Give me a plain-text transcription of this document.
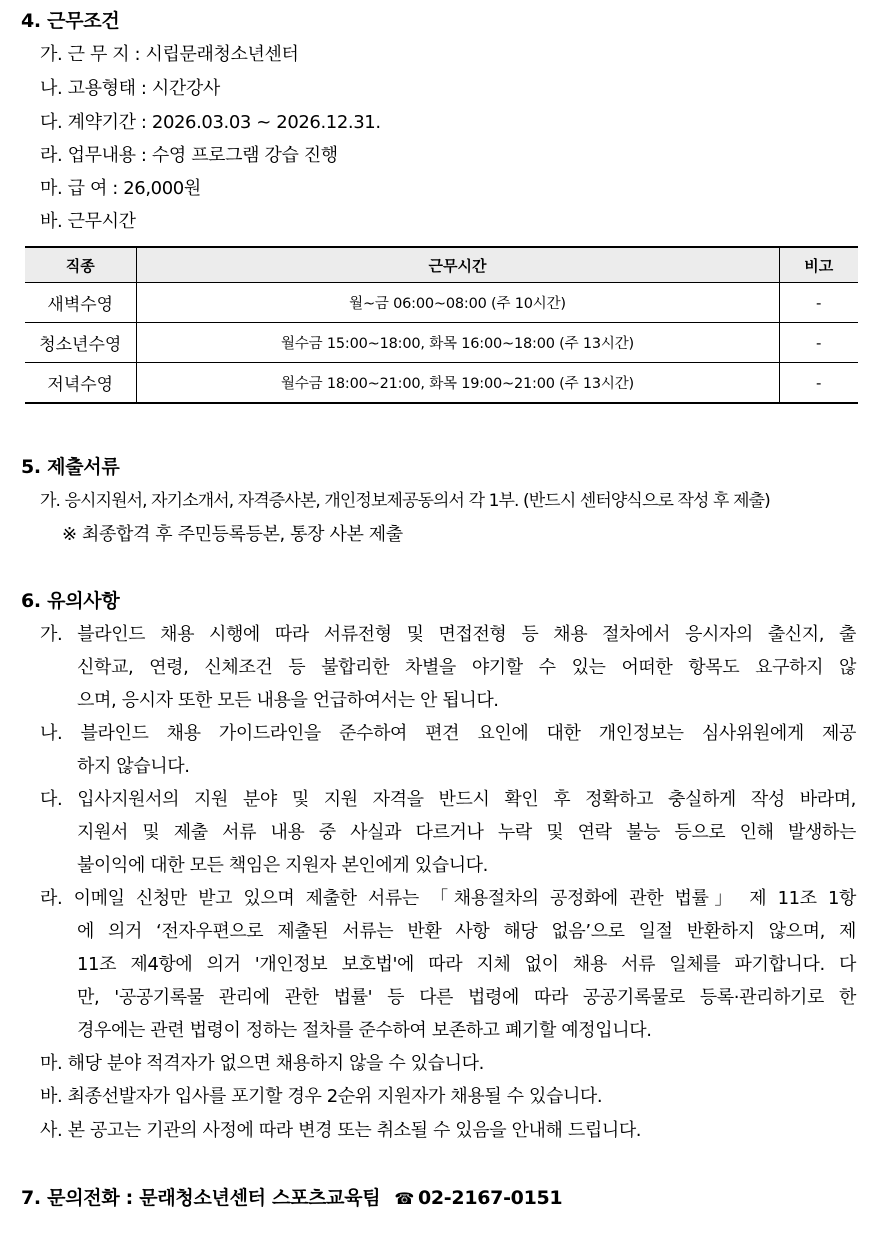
4. 근무조건
가. 근 무 지 : 시립문래청소년센터
나. 고용형태 : 시간강사
다. 계약기간 : 2026.03.03 ~ 2026.12.31.
라. 업무내용 : 수영 프로그램 강습 진행
마. 급 여 : 26,000원
바. 근무시간
직종	근무시간	비고
새벽수영	월~금 06:00~08:00 (주 10시간)	-
청소년수영	월수금 15:00~18:00, 화목 16:00~18:00 (주 13시간)	-
저녁수영	월수금 18:00~21:00, 화목 19:00~21:00 (주 13시간)	-
5. 제출서류
가. 응시지원서, 자기소개서, 자격증사본, 개인정보제공동의서 각 1부. (반드시 센터양식으로 작성 후 제출)
※ 최종합격 후 주민등록등본, 통장 사본 제출
6. 유의사항
가. 블라인드 채용 시행에 따라 서류전형 및 면접전형 등 채용 절차에서 응시자의 출신지, 출
신학교, 연령, 신체조건 등 불합리한 차별을 야기할 수 있는 어떠한 항목도 요구하지 않
으며, 응시자 또한 모든 내용을 언급하여서는 안 됩니다.
나. 블라인드 채용 가이드라인을 준수하여 편견 요인에 대한 개인정보는 심사위원에게 제공
하지 않습니다.
다. 입사지원서의 지원 분야 및 지원 자격을 반드시 확인 후 정확하고 충실하게 작성 바라며,
지원서 및 제출 서류 내용 중 사실과 다르거나 누락 및 연락 불능 등으로 인해 발생하는
불이익에 대한 모든 책임은 지원자 본인에게 있습니다.
라. 이메일 신청만 받고 있으며 제출한 서류는 「채용절차의 공정화에 관한 법률」 제 11조 1항
에 의거 ‘전자우편으로 제출된 서류는 반환 사항 해당 없음’으로 일절 반환하지 않으며, 제
11조 제4항에 의거 '개인정보 보호법'에 따라 지체 없이 채용 서류 일체를 파기합니다. 다
만, '공공기록물 관리에 관한 법률' 등 다른 법령에 따라 공공기록물로 등록·관리하기로 한
경우에는 관련 법령이 정하는 절차를 준수하여 보존하고 폐기할 예정입니다.
마. 해당 분야 적격자가 없으면 채용하지 않을 수 있습니다.
바. 최종선발자가 입사를 포기할 경우 2순위 지원자가 채용될 수 있습니다.
사. 본 공고는 기관의 사정에 따라 변경 또는 취소될 수 있음을 안내해 드립니다.
7. 문의전화 : 문래청소년센터 스포츠교육팀 ☎ 02-2167-0151
